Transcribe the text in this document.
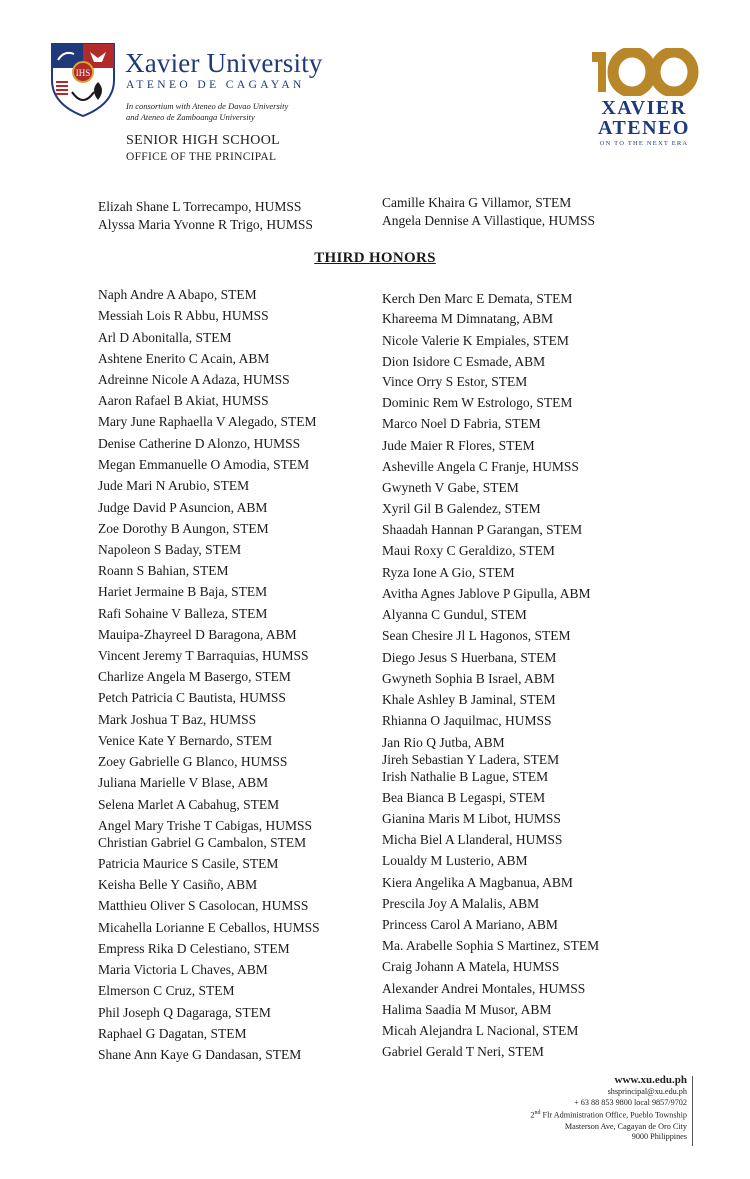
IHS Xavier University
ATENEO DE CAGAYAN
In consortium with Ateneo de Davao University
and Ateneo de Zamboanga University
SENIOR HIGH SCHOOL
OFFICE OF THE PRINCIPAL
XAVIER
ATENEO
ON TO THE NEXT ERA
Elizah Shane L Torrecampo, HUMSS
Alyssa Maria Yvonne R Trigo, HUMSS
Camille Khaira G Villamor, STEM
Angela Dennise A Villastique, HUMSS
THIRD HONORS
Naph Andre A Abapo, STEM
Messiah Lois R Abbu, HUMSS
Arl D Abonitalla, STEM
Ashtene Enerito C Acain, ABM
Adreinne Nicole A Adaza, HUMSS
Aaron Rafael B Akiat, HUMSS
Mary June Raphaella V Alegado, STEM
Denise Catherine D Alonzo, HUMSS
Megan Emmanuelle O Amodia, STEM
Jude Mari N Arubio, STEM
Judge David P Asuncion, ABM
Zoe Dorothy B Aungon, STEM
Napoleon S Baday, STEM
Roann S Bahian, STEM
Hariet Jermaine B Baja, STEM
Rafi Sohaine V Balleza, STEM
Mauipa-Zhayreel D Baragona, ABM
Vincent Jeremy T Barraquias, HUMSS
Charlize Angela M Basergo, STEM
Petch Patricia C Bautista, HUMSS
Mark Joshua T Baz, HUMSS
Venice Kate Y Bernardo, STEM
Zoey Gabrielle G Blanco, HUMSS
Juliana Marielle V Blase, ABM
Selena Marlet A Cabahug, STEM
Angel Mary Trishe T Cabigas, HUMSS
Christian Gabriel G Cambalon, STEM
Patricia Maurice S Casile, STEM
Keisha Belle Y Casiño, ABM
Matthieu Oliver S Casolocan, HUMSS
Micahella Lorianne E Ceballos, HUMSS
Empress Rika D Celestiano, STEM
Maria Victoria L Chaves, ABM
Elmerson C Cruz, STEM
Phil Joseph Q Dagaraga, STEM
Raphael G Dagatan, STEM
Shane Ann Kaye G Dandasan, STEM
Kerch Den Marc E Demata, STEM
Khareema M Dimnatang, ABM
Nicole Valerie K Empiales, STEM
Dion Isidore C Esmade, ABM
Vince Orry S Estor, STEM
Dominic Rem W Estrologo, STEM
Marco Noel D Fabria, STEM
Jude Maier R Flores, STEM
Asheville Angela C Franje, HUMSS
Gwyneth V Gabe, STEM
Xyril Gil B Galendez, STEM
Shaadah Hannan P Garangan, STEM
Maui Roxy C Geraldizo, STEM
Ryza Ione A Gio, STEM
Avitha Agnes Jablove P Gipulla, ABM
Alyanna C Gundul, STEM
Sean Chesire Jl L Hagonos, STEM
Diego Jesus S Huerbana, STEM
Gwyneth Sophia B Israel, ABM
Khale Ashley B Jaminal, STEM
Rhianna O Jaquilmac, HUMSS
Jan Rio Q Jutba, ABM
Jireh Sebastian Y Ladera, STEM
Irish Nathalie B Lague, STEM
Bea Bianca B Legaspi, STEM
Gianina Maris M Libot, HUMSS
Micha Biel A Llanderal, HUMSS
Loualdy M Lusterio, ABM
Kiera Angelika A Magbanua, ABM
Prescila Joy A Malalis, ABM
Princess Carol A Mariano, ABM
Ma. Arabelle Sophia S Martinez, STEM
Craig Johann A Matela, HUMSS
Alexander Andrei Montales, HUMSS
Halima Saadia M Musor, ABM
Micah Alejandra L Nacional, STEM
Gabriel Gerald T Neri, STEM
www.xu.edu.ph
shsprincipal@xu.edu.ph
+ 63 88 853 9800 local 9857/9702
2nd Flr Administration Office, Pueblo Township
Masterson Ave, Cagayan de Oro City
9000 Philippines
